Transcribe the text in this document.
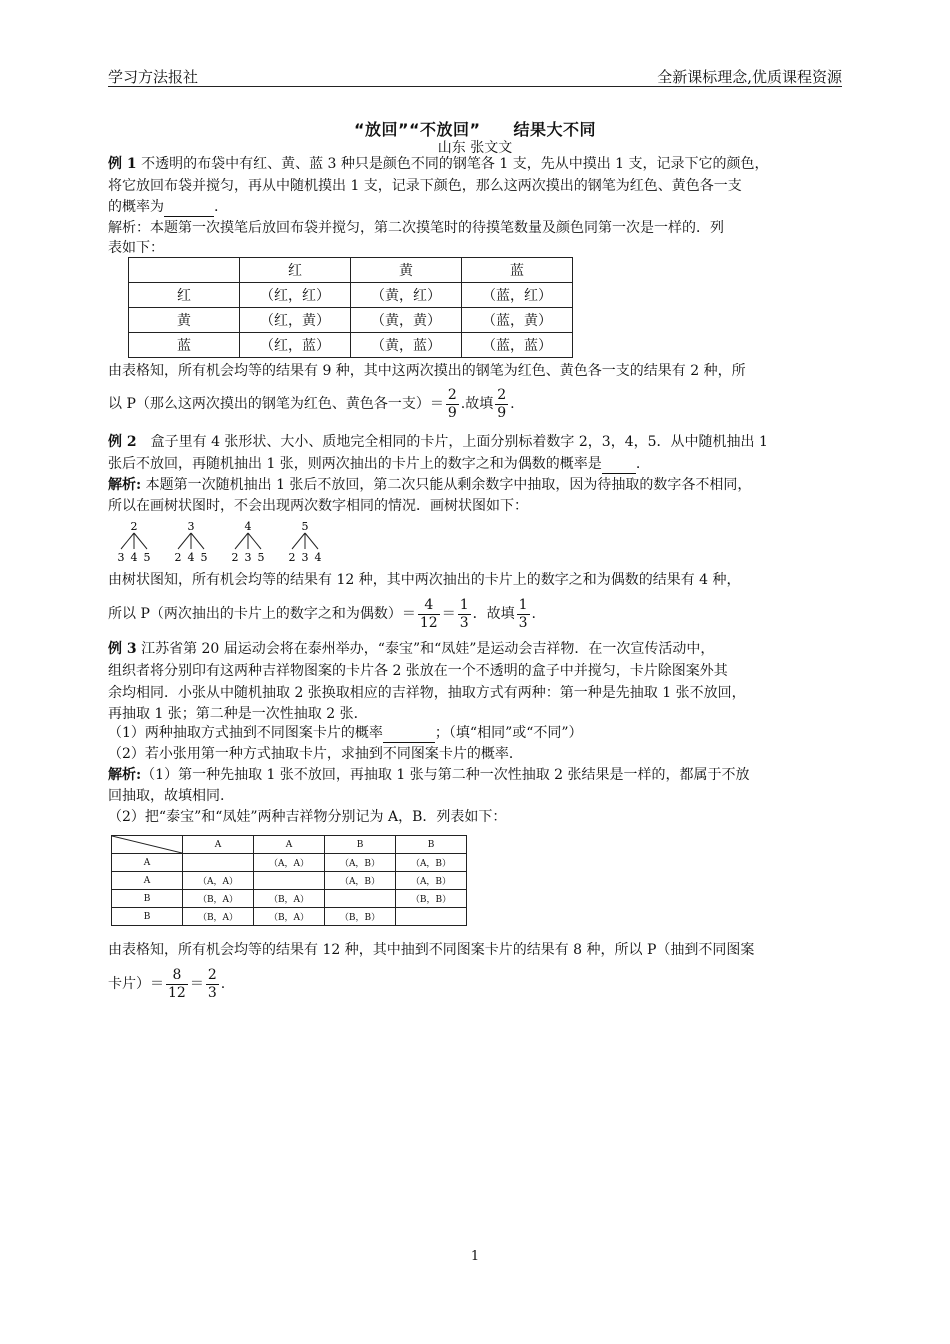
学习方法报社	全新课标理念,优质课程资源
“放回”“不放回”　　结果大不同
山东 张文文
例 1 不透明的布袋中有红、黄、蓝 3 种只是颜色不同的钢笔各 1 支，先从中摸出 1 支，记录下它的颜色，
将它放回布袋并搅匀，再从中随机摸出 1 支，记录下颜色，那么这两次摸出的钢笔为红色、黄色各一支
的概率为	.
解析：本题第一次摸笔后放回布袋并搅匀，第二次摸笔时的待摸笔数量及颜色同第一次是一样的．列
表如下：
	红	黄	蓝
红	（红，红）	（黄，红）	（蓝，红）
黄	（红，黄）	（黄，黄）	（蓝，黄）
蓝	（红，蓝）	（黄，蓝）	（蓝，蓝）
由表格知，所有机会均等的结果有 9 种，其中这两次摸出的钢笔为红色、黄色各一支的结果有 2 种，所
以 P（那么这两次摸出的钢笔为红色、黄色各一支）＝ $\frac{2}{9}$ .故填 $\frac{2}{9}$ .
例 2　盒子里有 4 张形状、大小、质地完全相同的卡片，上面分别标着数字 2，3，4，5．从中随机抽出 1
张后不放回，再随机抽出 1 张，则两次抽出的卡片上的数字之和为偶数的概率是 .
解析: 本题第一次随机抽出 1 张后不放回，第二次只能从剩余数字中抽取，因为待抽取的数字各不相同，
所以在画树状图时，不会出现两次数字相同的情况．画树状图如下：
2
3 4 5
3
2 4 5
4
2 3 5
5
2 3 4
由树状图知，所有机会均等的结果有 12 种，其中两次抽出的卡片上的数字之和为偶数的结果有 4 种，
所以 P（两次抽出的卡片上的数字之和为偶数）＝ $\frac{4}{12} = \frac{1}{3}$ ．故填 $\frac{1}{3}$ .
例 3 江苏省第 20 届运动会将在泰州举办，“泰宝”和“凤娃”是运动会吉祥物．在一次宣传活动中，
组织者将分别印有这两种吉祥物图案的卡片各 2 张放在一个不透明的盒子中并搅匀，卡片除图案外其
余均相同．小张从中随机抽取 2 张换取相应的吉祥物，抽取方式有两种：第一种是先抽取 1 张不放回，
再抽取 1 张；第二种是一次性抽取 2 张．
（1）两种抽取方式抽到不同图案卡片的概率	；（填“相同”或“不同”）
（2）若小张用第一种方式抽取卡片，求抽到不同图案卡片的概率．
解析:（1）第一种先抽取 1 张不放回，再抽取 1 张与第二种一次性抽取 2 张结果是一样的，都属于不放
回抽取，故填相同.
（2）把“泰宝”和“凤娃”两种吉祥物分别记为 A，B．列表如下：
	A	A	B	B
A		（A，A）	（A，B）	（A，B）
A	（A，A）		（A，B）	（A，B）
B	（B，A）	（B，A）		（B，B）
B	（B，A）	（B，A）	（B，B）	
由表格知，所有机会均等的结果有 12 种，其中抽到不同图案卡片的结果有 8 种，所以 P（抽到不同图案
卡片）＝ $\frac{8}{12} = \frac{2}{3}$ .
1
